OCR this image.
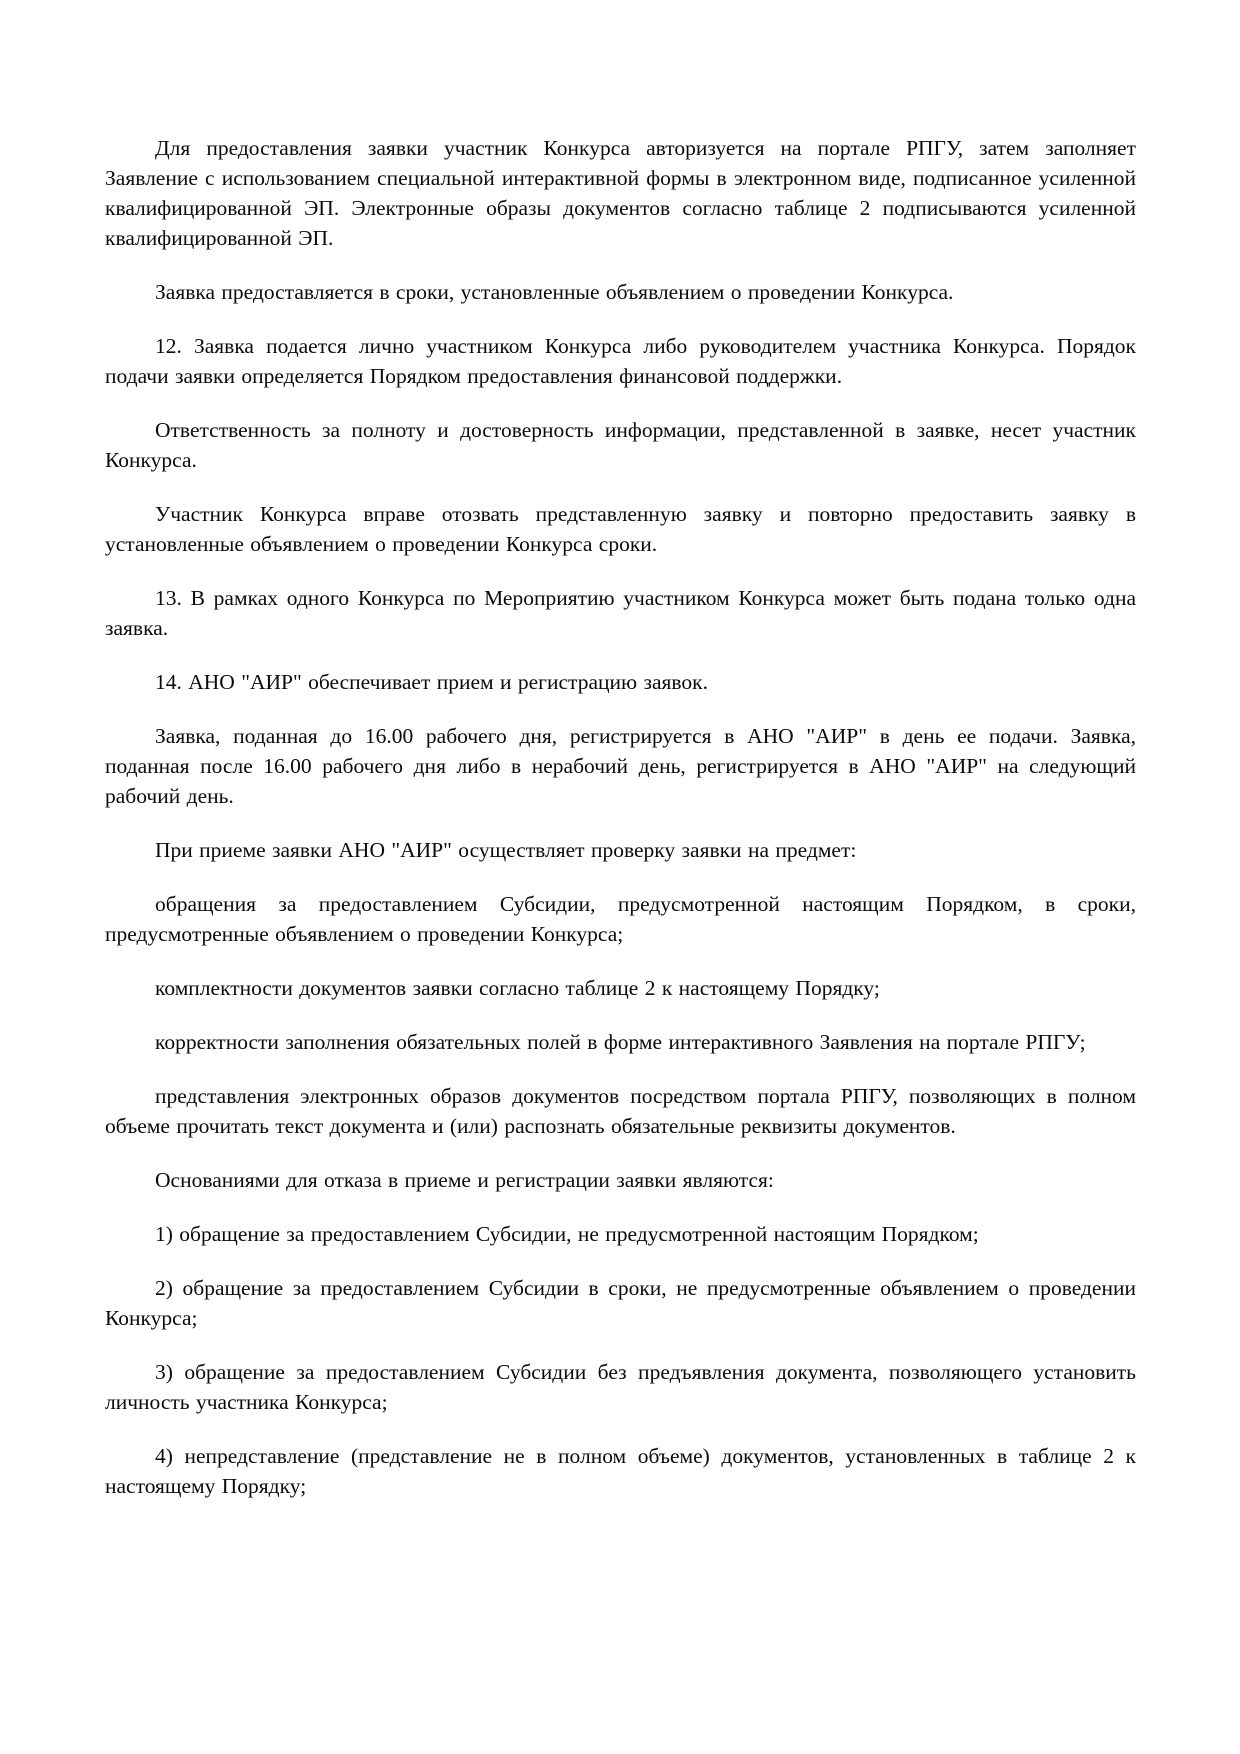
Для предоставления заявки участник Конкурса авторизуется на портале РПГУ, затем заполняет Заявление с использованием специальной интерактивной формы в электронном виде, подписанное усиленной квалифицированной ЭП. Электронные образы документов согласно таблице 2 подписываются усиленной квалифицированной ЭП.

Заявка предоставляется в сроки, установленные объявлением о проведении Конкурса.

12. Заявка подается лично участником Конкурса либо руководителем участника Конкурса. Порядок подачи заявки определяется Порядком предоставления финансовой поддержки.

Ответственность за полноту и достоверность информации, представленной в заявке, несет участник Конкурса.

Участник Конкурса вправе отозвать представленную заявку и повторно предоставить заявку в установленные объявлением о проведении Конкурса сроки.

13. В рамках одного Конкурса по Мероприятию участником Конкурса может быть подана только одна заявка.

14. АНО "АИР" обеспечивает прием и регистрацию заявок.

Заявка, поданная до 16.00 рабочего дня, регистрируется в АНО "АИР" в день ее подачи. Заявка, поданная после 16.00 рабочего дня либо в нерабочий день, регистрируется в АНО "АИР" на следующий рабочий день.

При приеме заявки АНО "АИР" осуществляет проверку заявки на предмет:

обращения за предоставлением Субсидии, предусмотренной настоящим Порядком, в сроки, предусмотренные объявлением о проведении Конкурса;

комплектности документов заявки согласно таблице 2 к настоящему Порядку;

корректности заполнения обязательных полей в форме интерактивного Заявления на портале РПГУ;

представления электронных образов документов посредством портала РПГУ, позволяющих в полном объеме прочитать текст документа и (или) распознать обязательные реквизиты документов.

Основаниями для отказа в приеме и регистрации заявки являются:

1) обращение за предоставлением Субсидии, не предусмотренной настоящим Порядком;

2) обращение за предоставлением Субсидии в сроки, не предусмотренные объявлением о проведении Конкурса;

3) обращение за предоставлением Субсидии без предъявления документа, позволяющего установить личность участника Конкурса;

4) непредставление (представление не в полном объеме) документов, установленных в таблице 2 к настоящему Порядку;
